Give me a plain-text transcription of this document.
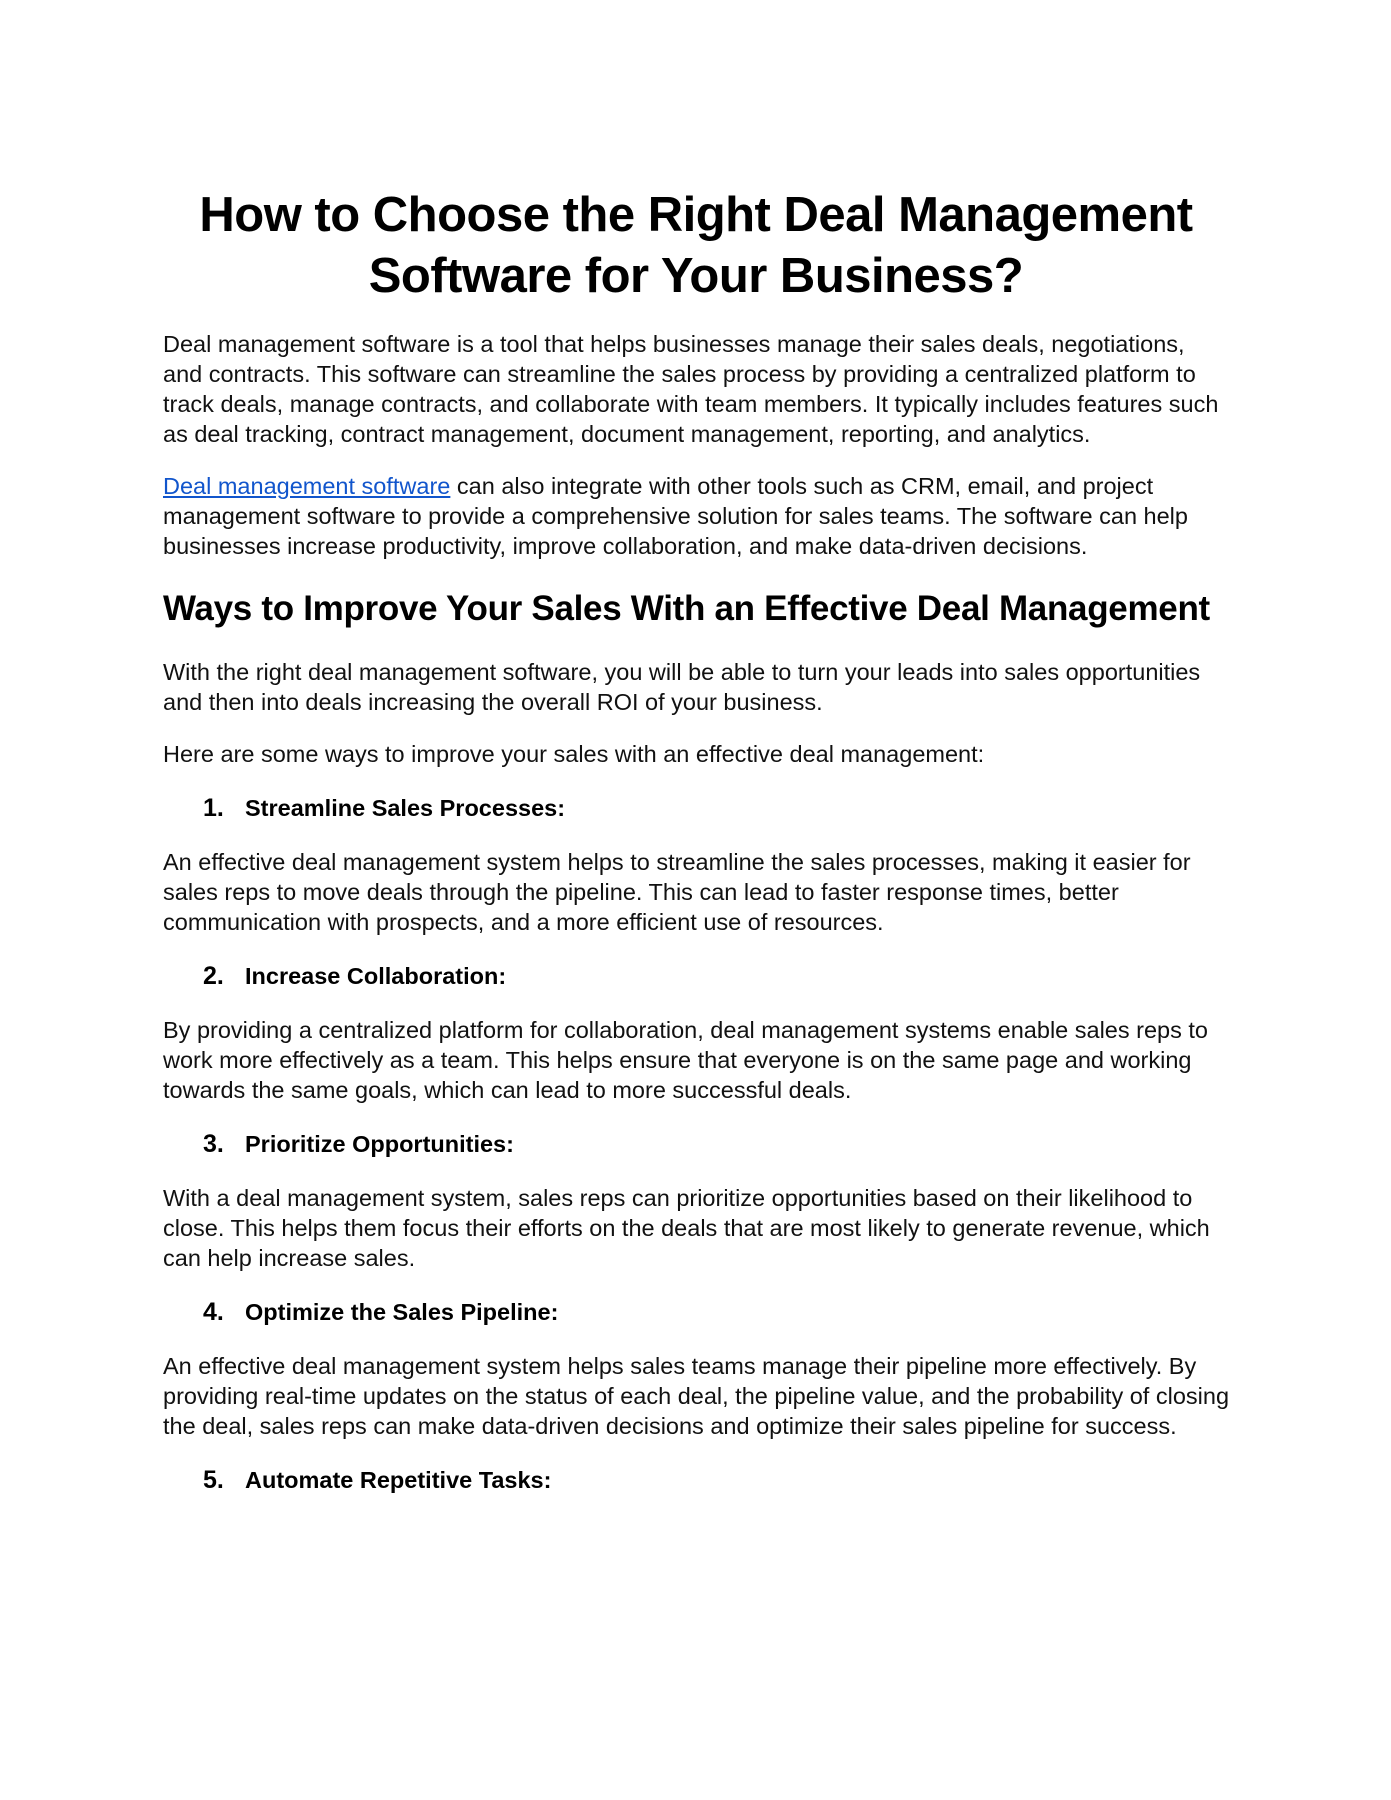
How to Choose the Right Deal Management
Software for Your Business?

Deal management software is a tool that helps businesses manage their sales deals, negotiations, and contracts. This software can streamline the sales process by providing a centralized platform to track deals, manage contracts, and collaborate with team members. It typically includes features such as deal tracking, contract management, document management, reporting, and analytics.

Deal management software can also integrate with other tools such as CRM, email, and project management software to provide a comprehensive solution for sales teams. The software can help businesses increase productivity, improve collaboration, and make data-driven decisions.

Ways to Improve Your Sales With an Effective Deal Management

With the right deal management software, you will be able to turn your leads into sales opportunities and then into deals increasing the overall ROI of your business.

Here are some ways to improve your sales with an effective deal management:

1. Streamline Sales Processes:

An effective deal management system helps to streamline the sales processes, making it easier for sales reps to move deals through the pipeline. This can lead to faster response times, better communication with prospects, and a more efficient use of resources.

2. Increase Collaboration:

By providing a centralized platform for collaboration, deal management systems enable sales reps to work more effectively as a team. This helps ensure that everyone is on the same page and working towards the same goals, which can lead to more successful deals.

3. Prioritize Opportunities:

With a deal management system, sales reps can prioritize opportunities based on their likelihood to close. This helps them focus their efforts on the deals that are most likely to generate revenue, which can help increase sales.

4. Optimize the Sales Pipeline:

An effective deal management system helps sales teams manage their pipeline more effectively. By providing real-time updates on the status of each deal, the pipeline value, and the probability of closing the deal, sales reps can make data-driven decisions and optimize their sales pipeline for success.

5. Automate Repetitive Tasks:
